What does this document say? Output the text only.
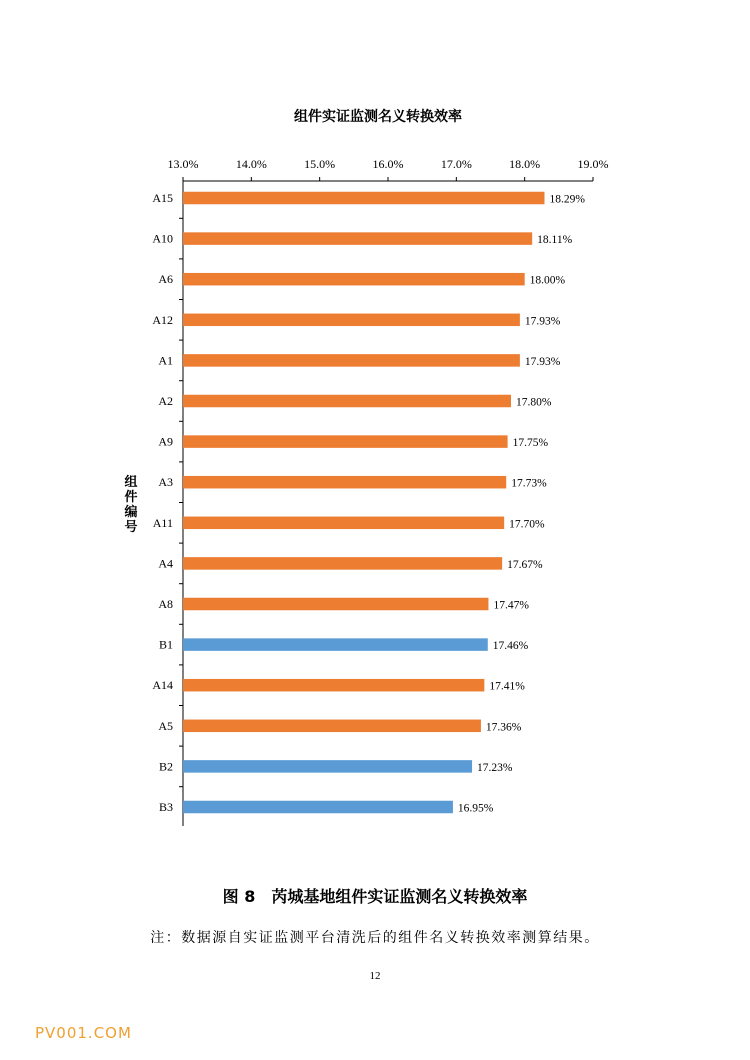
组件实证监测名义转换效率
13.0%	14.0%	15.0%	16.0%	17.0%	18.0%	19.0%
A15	18.29%
A10	18.11%
A6	18.00%
A12	17.93%
A1	17.93%
A2	17.80%
A9	17.75%
A3	17.73%
A11	17.70%
A4	17.67%
A8	17.47%
B1	17.46%
A14	17.41%
A5	17.36%
B2	17.23%
B3	16.95%
组
件
编
号
图 8　芮城基地组件实证监测名义转换效率
注：数据源自实证监测平台清洗后的组件名义转换效率测算结果。
12
PV001.COM
